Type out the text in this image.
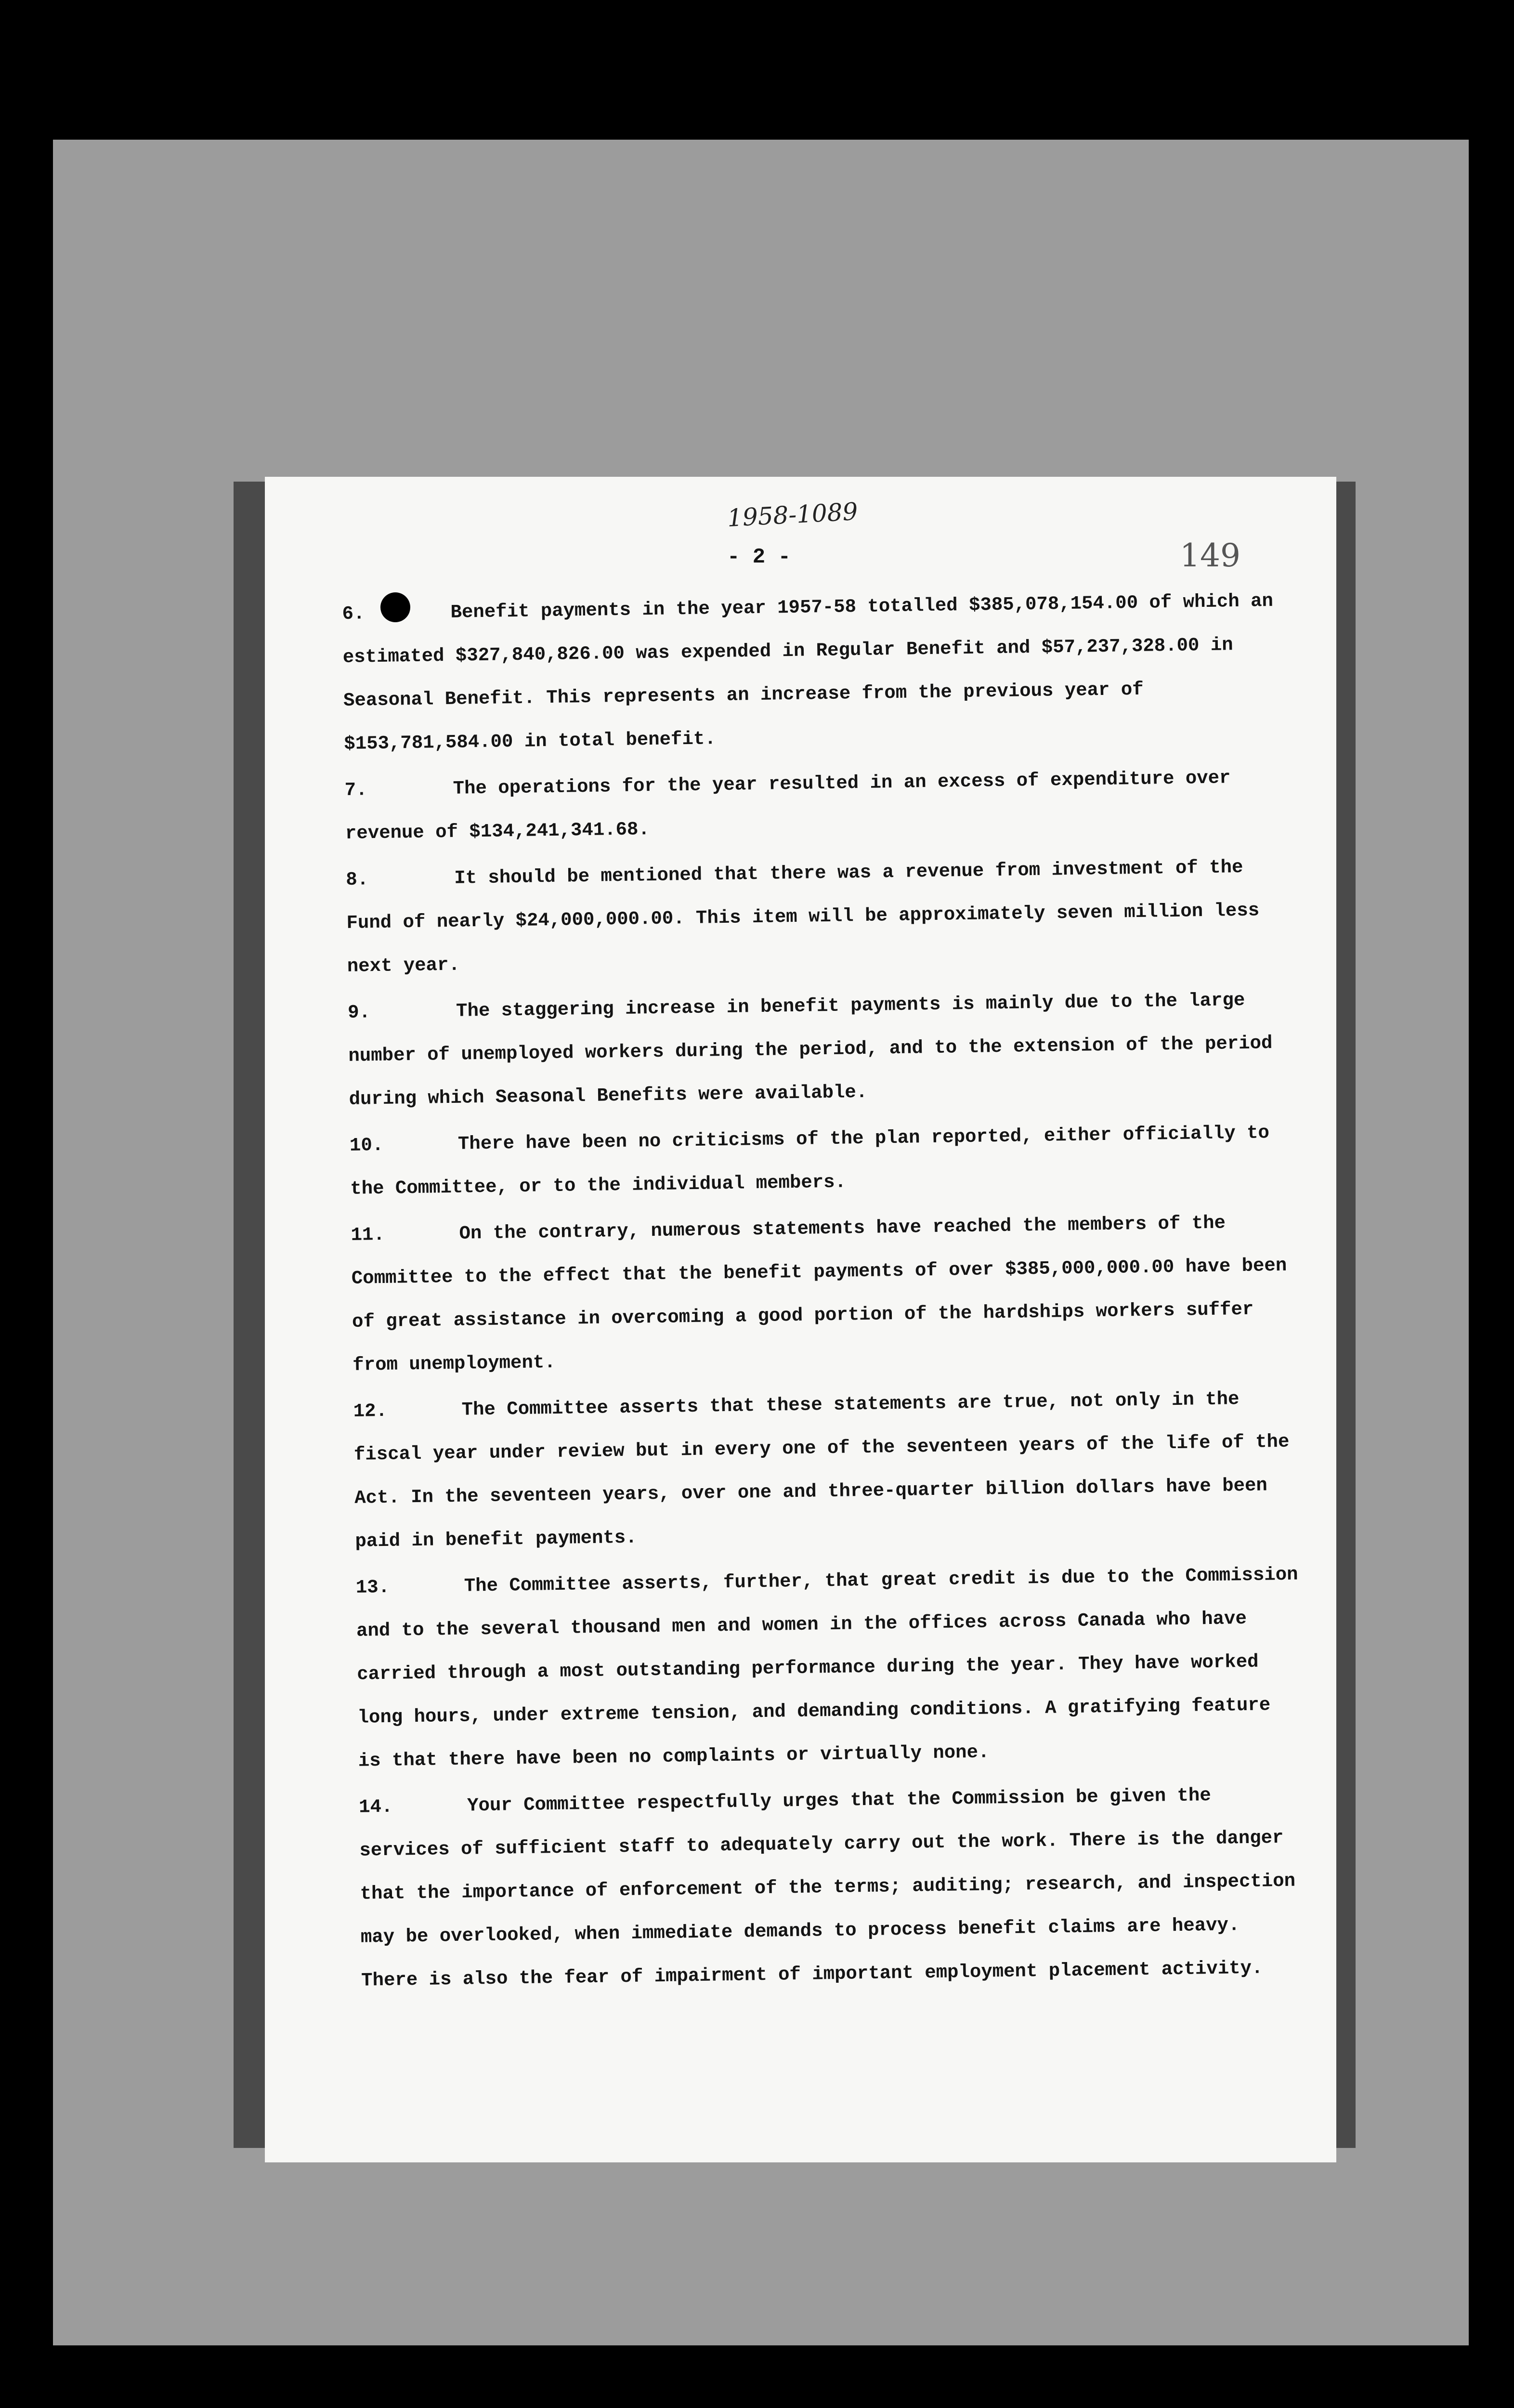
1958-1089
- 2 -	149

6.	Benefit payments in the year 1957-58 totalled $385,078,154.00 of which an estimated $327,840,826.00 was expended in Regular Benefit and $57,237,328.00 in Seasonal Benefit. This represents an increase from the previous year of $153,781,584.00 in total benefit.

7.	The operations for the year resulted in an excess of expenditure over revenue of $134,241,341.68.

8.	It should be mentioned that there was a revenue from investment of the Fund of nearly $24,000,000.00. This item will be approximately seven million less next year.

9.	The staggering increase in benefit payments is mainly due to the large number of unemployed workers during the period, and to the extension of the period during which Seasonal Benefits were available.

10.	There have been no criticisms of the plan reported, either officially to the Committee, or to the individual members.

11.	On the contrary, numerous statements have reached the members of the Committee to the effect that the benefit payments of over $385,000,000.00 have been of great assistance in overcoming a good portion of the hardships workers suffer from unemployment.

12.	The Committee asserts that these statements are true, not only in the fiscal year under review but in every one of the seventeen years of the life of the Act. In the seventeen years, over one and three-quarter billion dollars have been paid in benefit payments.

13.	The Committee asserts, further, that great credit is due to the Commission and to the several thousand men and women in the offices across Canada who have carried through a most outstanding performance during the year. They have worked long hours, under extreme tension, and demanding conditions. A gratifying feature is that there have been no complaints or virtually none.

14.	Your Committee respectfully urges that the Commission be given the services of sufficient staff to adequately carry out the work. There is the danger that the importance of enforcement of the terms; auditing; research, and inspection may be overlooked, when immediate demands to process benefit claims are heavy. There is also the fear of impairment of important employment placement activity.
